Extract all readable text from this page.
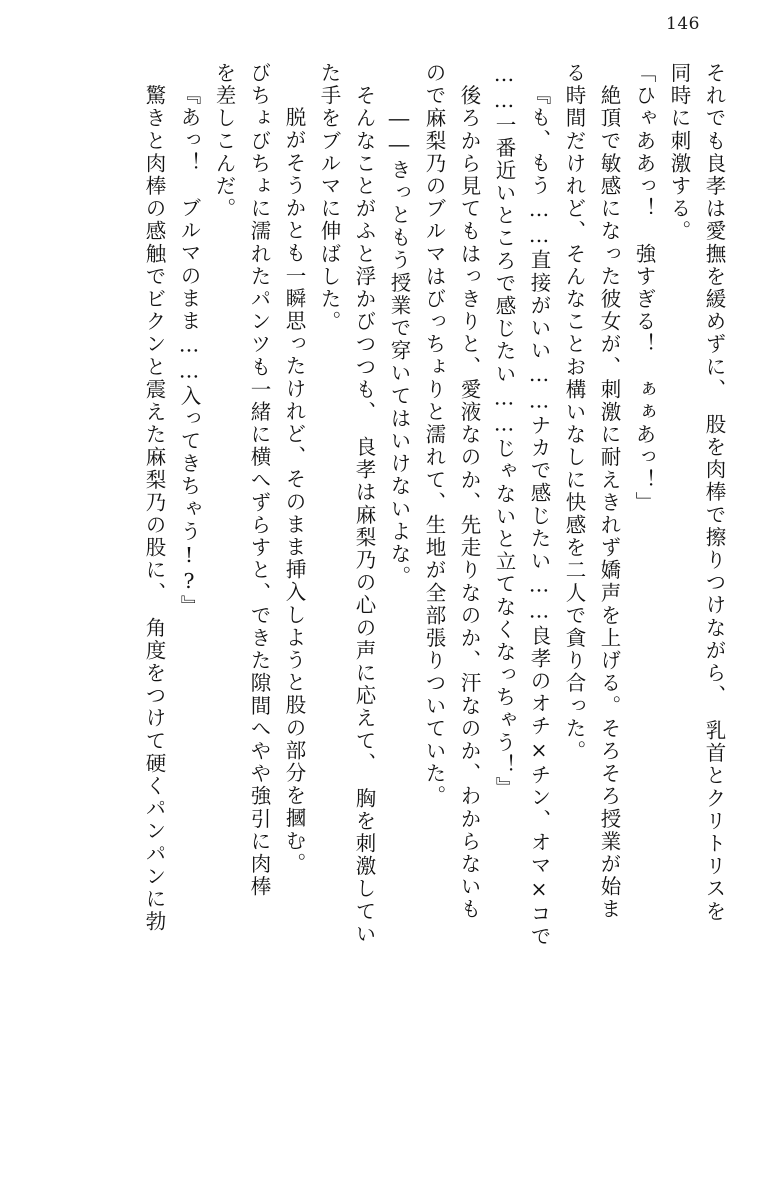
146
それでも良孝は愛撫を緩めずに、　股を肉棒で擦りつけながら、　乳首とクリトリスを
同時に刺激する。
「ひゃああっ！　強すぎる！　ぁぁあっ！」
　絶頂で敏感になった彼女が、刺激に耐えきれず嬌声を上げる。そろそろ授業が始ま
る時間だけれど、そんなことお構いなしに快感を二人で貪り合った。
『も、もう……直接がいい……ナカで感じたい……良孝のオチ×チン、オマ×コで
……一番近いところで感じたい……じゃないと立てなくなっちゃう！』
　後ろから見てもはっきりと、愛液なのか、先走りなのか、汗なのか、わからないも
ので麻梨乃のブルマはびっちょりと濡れて、生地が全部張りついていた。
　――きっともう授業で穿いてはいけないよな。
　そんなことがふと浮かびつつも、　良孝は麻梨乃の心の声に応えて、　胸を刺激してい
た手をブルマに伸ばした。
　脱がそうかとも一瞬思ったけれど、そのまま挿入しようと股の部分を摑む。
びちょびちょに濡れたパンツも一緒に横へずらすと、できた隙間へやや強引に肉棒
を差しこんだ。
『あっ！　ブルマのまま……入ってきちゃう!?』
　驚きと肉棒の感触でビクンと震えた麻梨乃の股に、　角度をつけて硬くパンパンに勃
